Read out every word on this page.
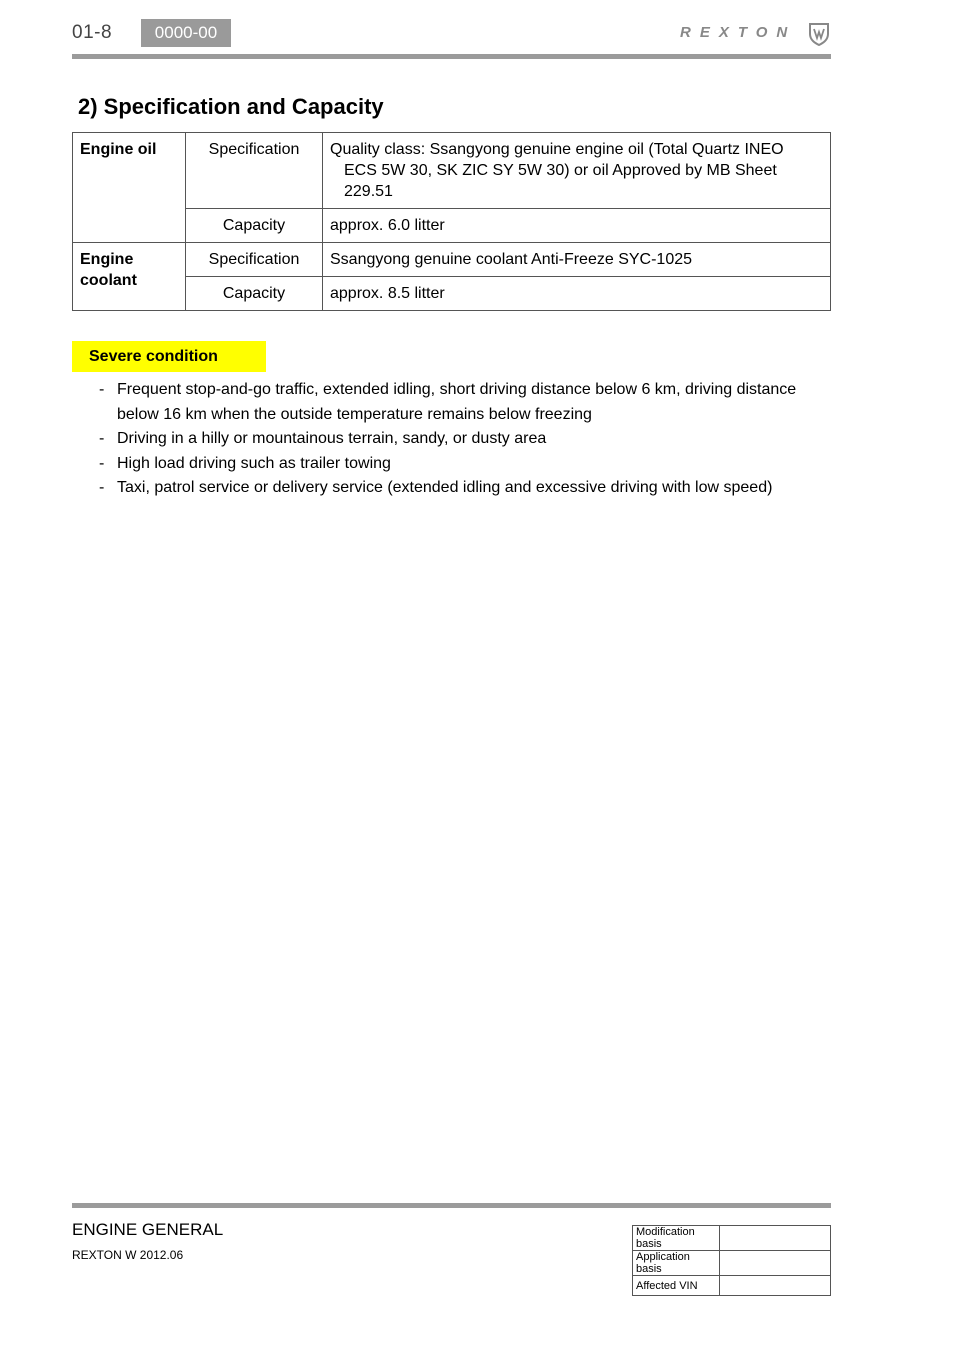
01-8	0000-00	REXTON
2) Specification and Capacity
Engine oil	Specification	Quality class: Ssangyong genuine engine oil (Total Quartz INEO
ECS 5W 30, SK ZIC SY 5W 30) or oil Approved by MB Sheet
229.51

	Capacity	approx. 6.0 litter

Engine
coolant	Specification	Ssangyong genuine coolant Anti-Freeze SYC-1025
	Capacity	approx. 8.5 litter
Severe condition
- Frequent stop-and-go traffic, extended idling, short driving distance below 6 km, driving distance
below 16 km when the outside temperature remains below freezing
- Driving in a hilly or mountainous terrain, sandy, or dusty area
- High load driving such as trailer towing
- Taxi, patrol service or delivery service (extended idling and excessive driving with low speed)
ENGINE GENERAL
REXTON W 2012.06
Modification basis	
Application basis	
Affected VIN	
